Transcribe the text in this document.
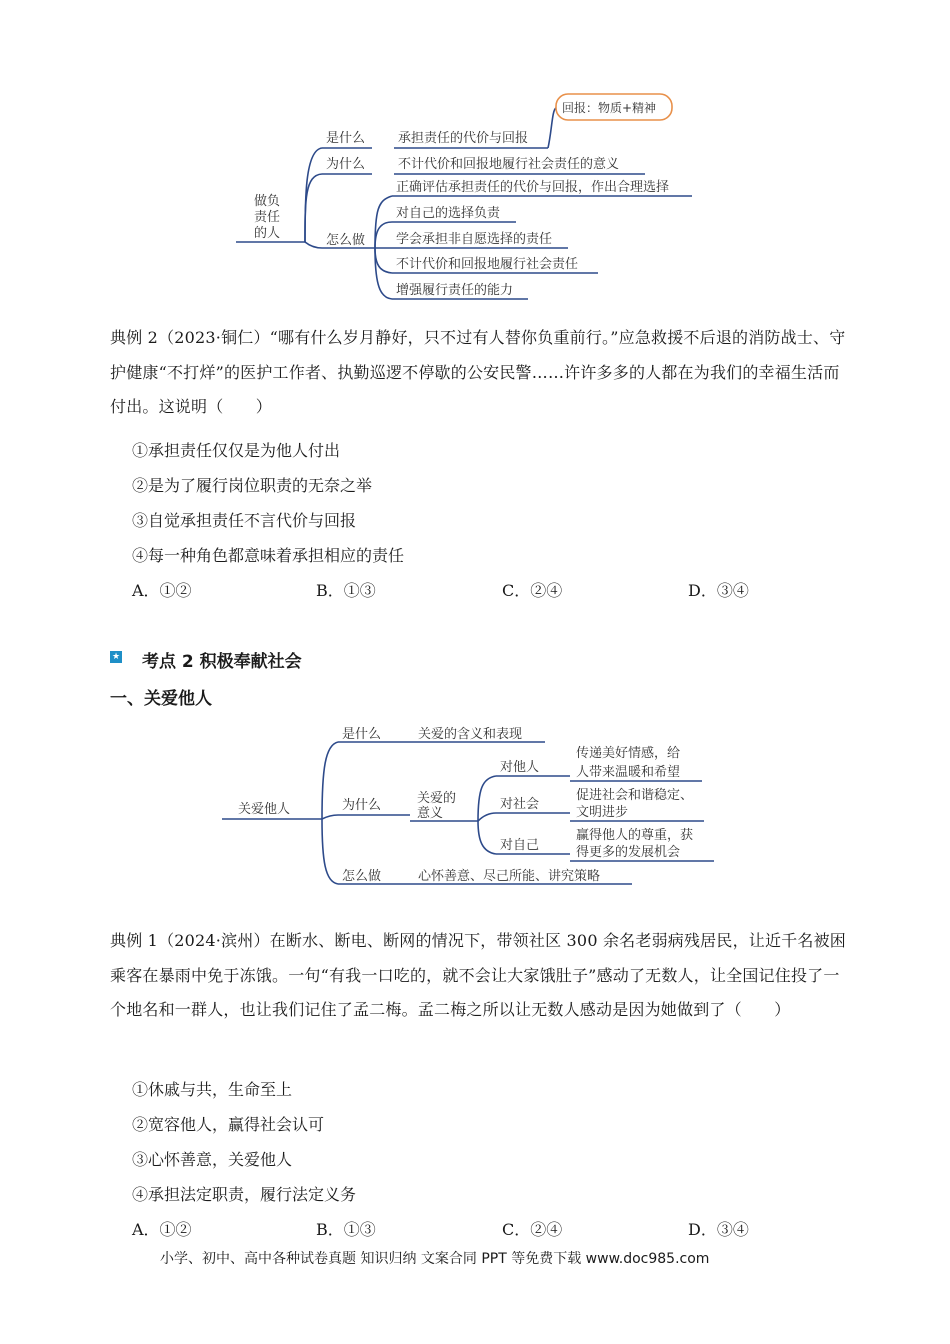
做负
责任
的人
是什么	承担责任的代价与回报
回报：物质+精神
为什么	不计代价和回报地履行社会责任的意义
怎么做
正确评估承担责任的代价与回报，作出合理选择
对自己的选择负责
学会承担非自愿选择的责任
不计代价和回报地履行社会责任
增强履行责任的能力
典例 2（2023·铜仁）“哪有什么岁月静好，只不过有人替你负重前行。”应急救援不后退的消防战士、守护健康“不打烊”的医护工作者、执勤巡逻不停歇的公安民警……许许多多的人都在为我们的幸福生活而付出。这说明（　　）
①承担责任仅仅是为他人付出
②是为了履行岗位职责的无奈之举
③自觉承担责任不言代价与回报
④每一种角色都意味着承担相应的责任
A．①②	B．①③	C．②④	D．③④
★ 考点 2 积极奉献社会
一、关爱他人
关爱他人
是什么	关爱的含义和表现
为什么	关爱的
意义
对他人
传递美好情感，给
人带来温暖和希望
对社会
促进社会和谐稳定、
文明进步
对自己
赢得他人的尊重，获
得更多的发展机会
怎么做	心怀善意、尽己所能、讲究策略
典例 1（2024·滨州）在断水、断电、断网的情况下，带领社区 300 余名老弱病残居民，让近千名被困乘客在暴雨中免于冻饿。一句“有我一口吃的，就不会让大家饿肚子”感动了无数人，让全国记住投了一个地名和一群人，也让我们记住了孟二梅。孟二梅之所以让无数人感动是因为她做到了（　　）
①休戚与共，生命至上
②宽容他人，赢得社会认可
③心怀善意，关爱他人
④承担法定职责，履行法定义务
A．①②	B．①③	C．②④	D．③④
小学、初中、高中各种试卷真题 知识归纳 文案合同 PPT 等免费下载 www.doc985.com
